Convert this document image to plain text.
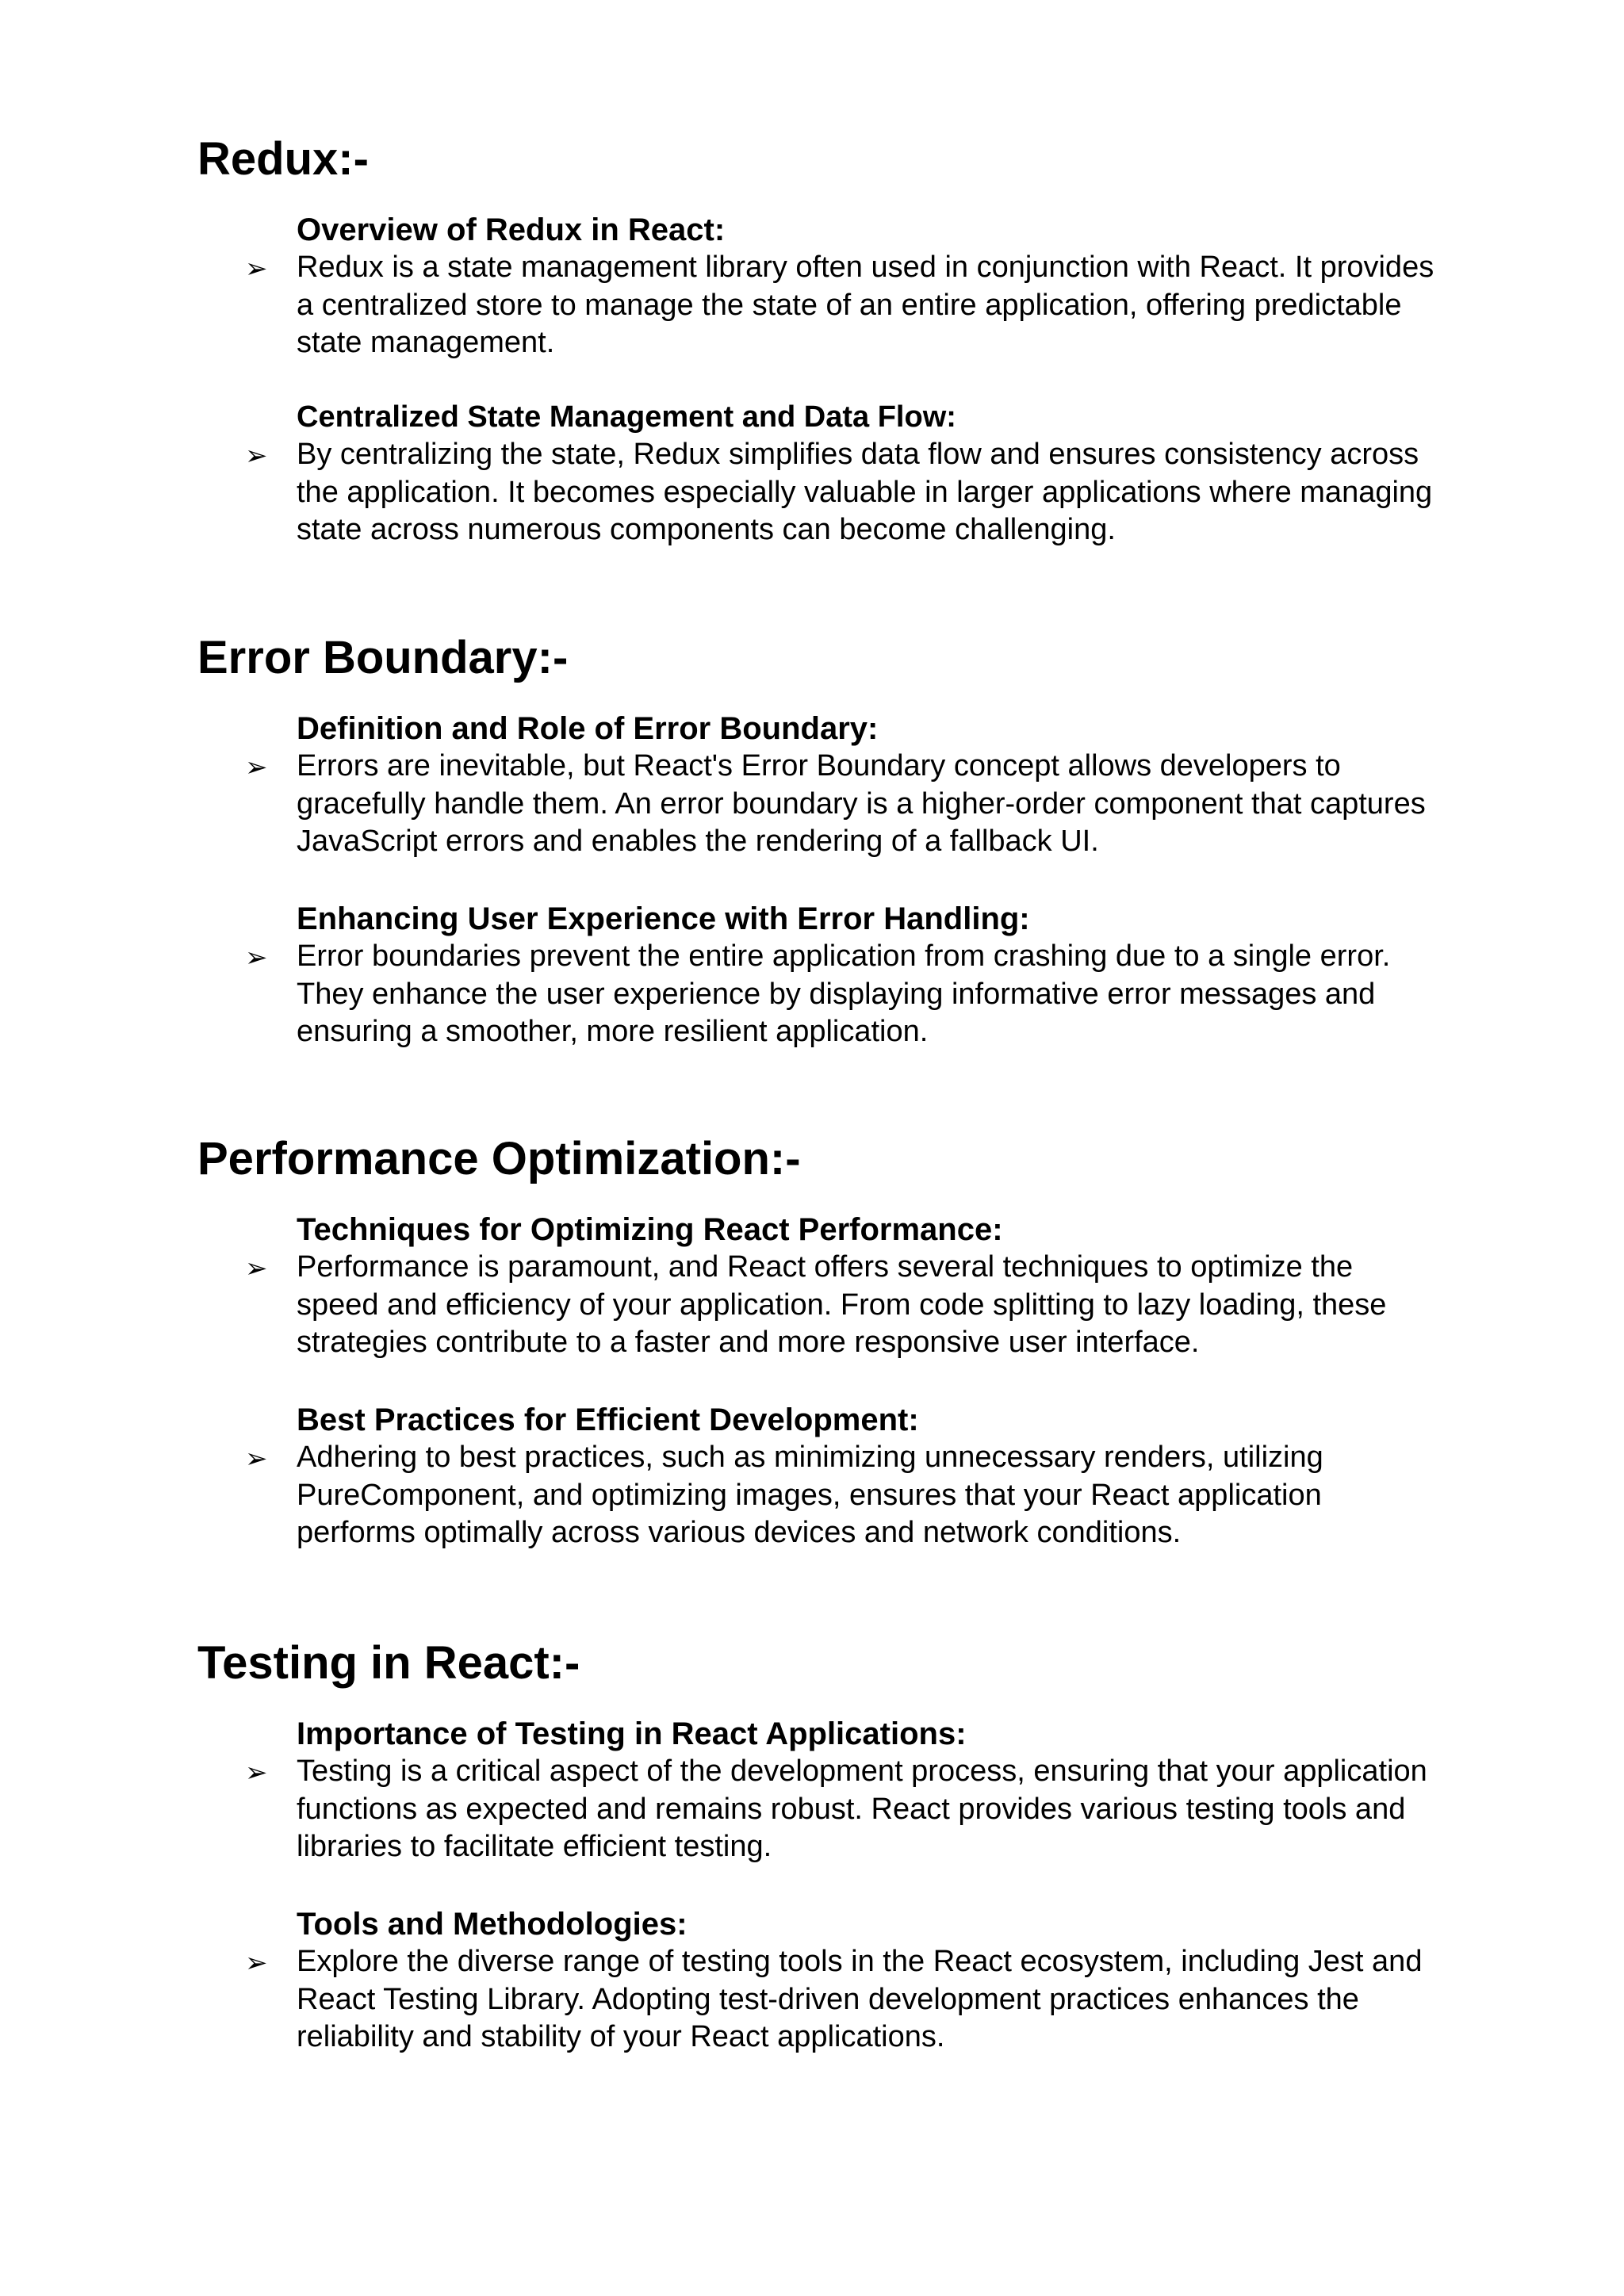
Redux:-
Overview of Redux in React:
➢ Redux is a state management library often used in conjunction with React. It provides
a centralized store to manage the state of an entire application, offering predictable
state management.
Centralized State Management and Data Flow:
➢ By centralizing the state, Redux simplifies data flow and ensures consistency across
the application. It becomes especially valuable in larger applications where managing
state across numerous components can become challenging.
Error Boundary:-
Definition and Role of Error Boundary:
➢ Errors are inevitable, but React's Error Boundary concept allows developers to
gracefully handle them. An error boundary is a higher-order component that captures
JavaScript errors and enables the rendering of a fallback UI.
Enhancing User Experience with Error Handling:
➢ Error boundaries prevent the entire application from crashing due to a single error.
They enhance the user experience by displaying informative error messages and
ensuring a smoother, more resilient application.
Performance Optimization:-
Techniques for Optimizing React Performance:
➢ Performance is paramount, and React offers several techniques to optimize the
speed and efficiency of your application. From code splitting to lazy loading, these
strategies contribute to a faster and more responsive user interface.
Best Practices for Efficient Development:
➢ Adhering to best practices, such as minimizing unnecessary renders, utilizing
PureComponent, and optimizing images, ensures that your React application
performs optimally across various devices and network conditions.
Testing in React:-
Importance of Testing in React Applications:
➢ Testing is a critical aspect of the development process, ensuring that your application
functions as expected and remains robust. React provides various testing tools and
libraries to facilitate efficient testing.
Tools and Methodologies:
➢ Explore the diverse range of testing tools in the React ecosystem, including Jest and
React Testing Library. Adopting test-driven development practices enhances the
reliability and stability of your React applications.
